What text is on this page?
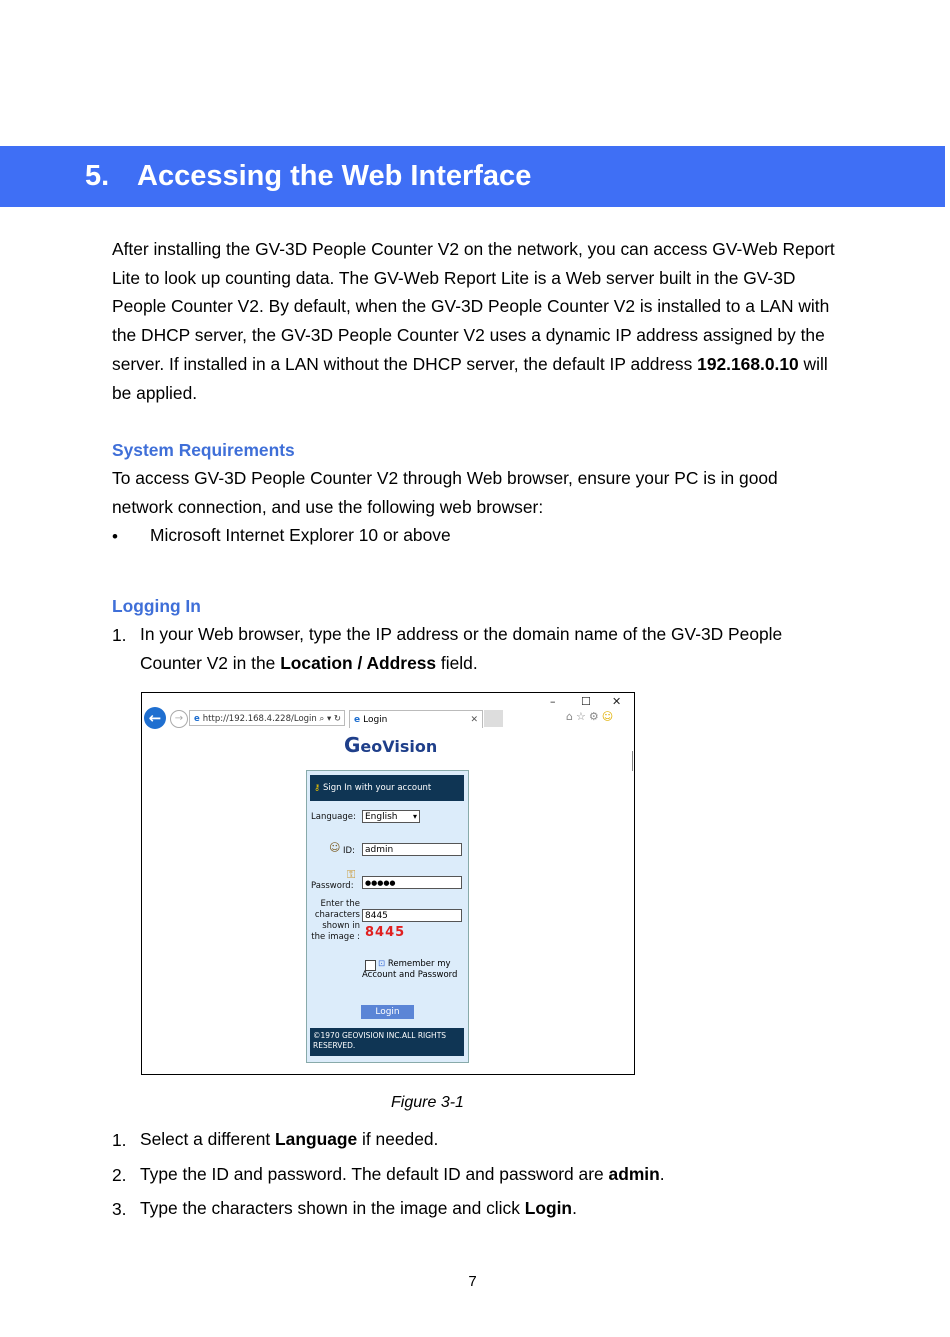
5. Accessing the Web Interface
After installing the GV-3D People Counter V2 on the network, you can access GV-Web Report Lite to look up counting data. The GV-Web Report Lite is a Web server built in the GV-3D People Counter V2. By default, when the GV-3D People Counter V2 is installed to a LAN with the DHCP server, the GV-3D People Counter V2 uses a dynamic IP address assigned by the server. If installed in a LAN without the DHCP server, the default IP address 192.168.0.10 will be applied.
System Requirements
To access GV-3D People Counter V2 through Web browser, ensure your PC is in good network connection, and use the following web browser:
• Microsoft Internet Explorer 10 or above
Logging In
1. In your Web browser, type the IP address or the domain name of the GV-3D People Counter V2 in the Location / Address field.
– ☐ ✕
←	→	e http://192.168.4.228/Login ⌕ ▾ ↻	e Login	✕	⌂☆⚙☺
GeoVision
⚷ Sign In with your account
Language:	English ▾
☺ ID:	admin
⚿
Password:	●●●●●
Enter the characters shown in the image :
8445
8445
⊡ Remember my Account and Password
Login
©1970 GEOVISION INC.ALL RIGHTS RESERVED.
Figure 3-1
1. Select a different Language if needed.
2. Type the ID and password. The default ID and password are admin.
3. Type the characters shown in the image and click Login.
7
